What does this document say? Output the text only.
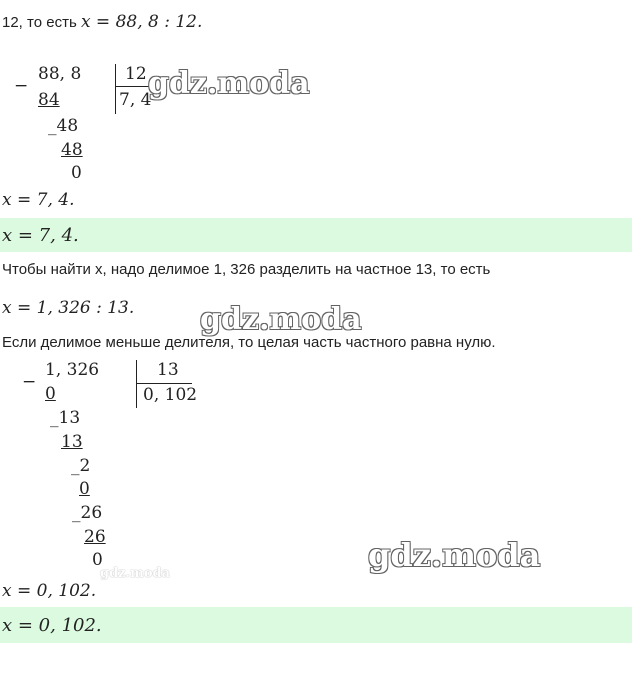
12, то есть x = 88, 8 : 12.
−
88, 8
84
_48
48
0
12
7, 4
x = 7, 4.
x = 7, 4.
Чтобы найти x, надо делимое 1, 326 разделить на частное 13, то есть
x = 1, 326 : 13.
Если делимое меньше делителя, то целая часть частного равна нулю.
−
1, 326
0
_13
13
_2
0
_26
26
0
13
0, 102
x = 0, 102.
x = 0, 102.
gdz.moda
gdz.moda
gdz.moda
gdz.moda
